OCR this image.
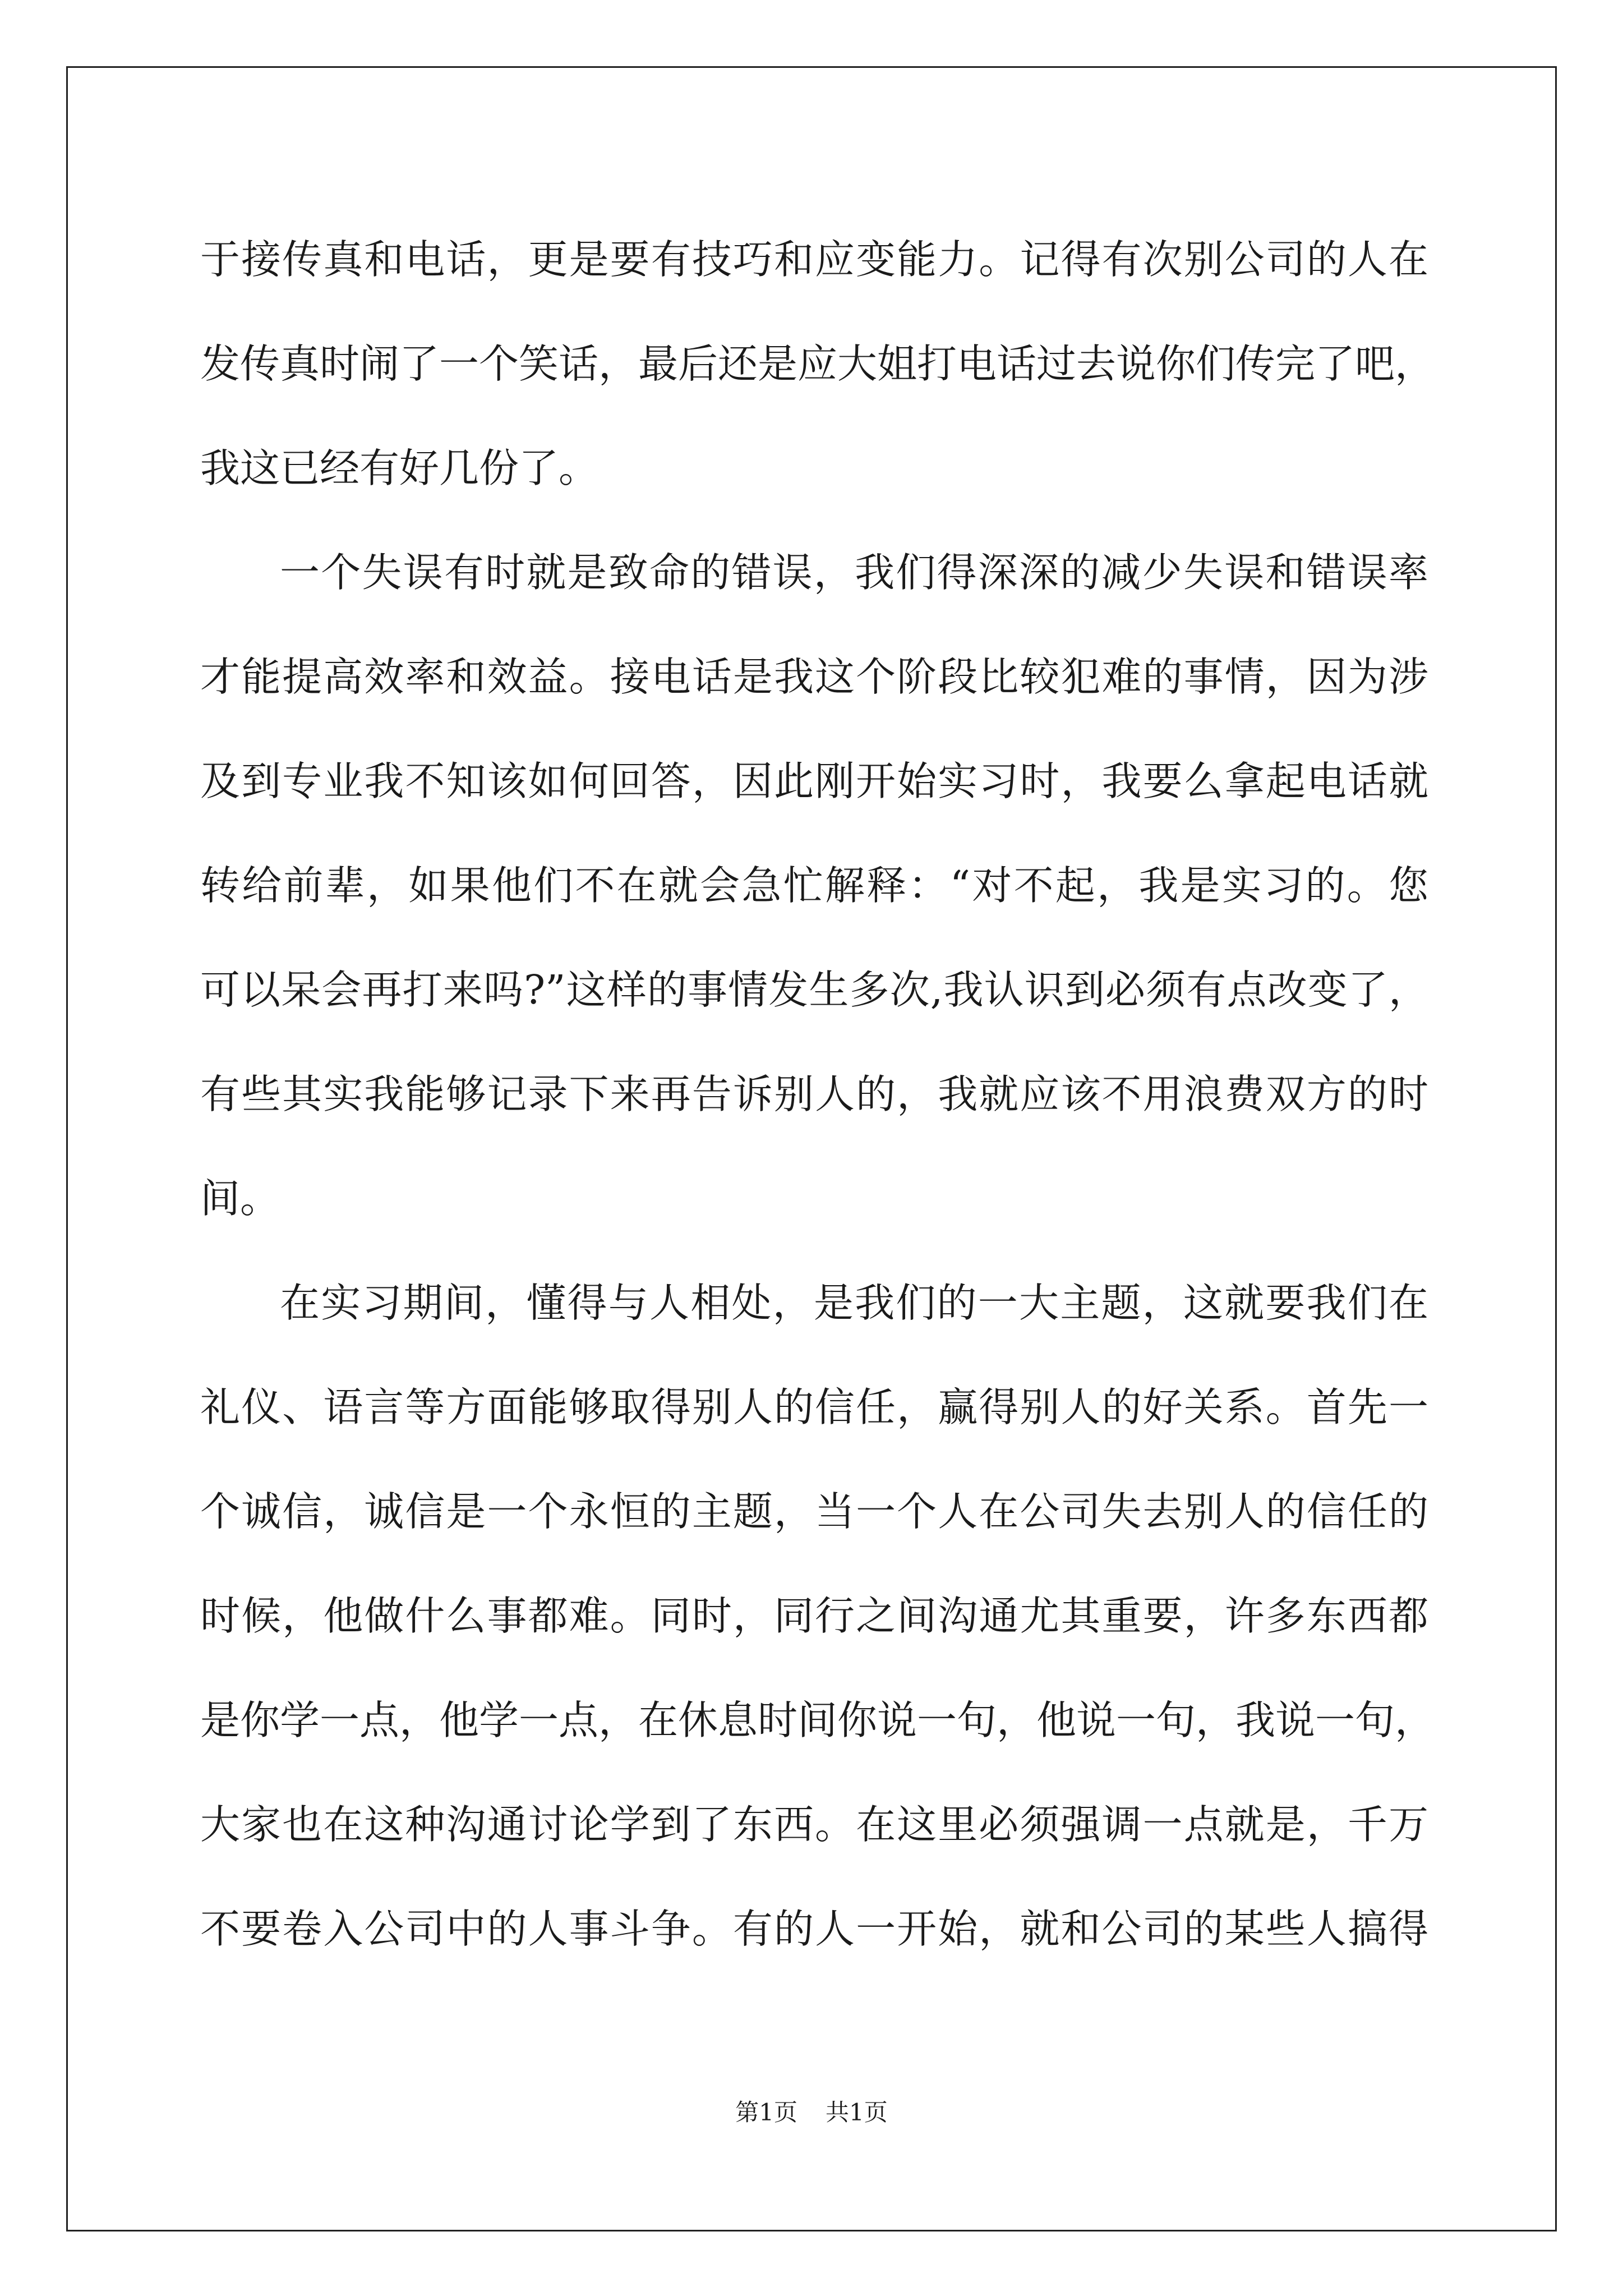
于接传真和电话，更是要有技巧和应变能力。记得有次别公司的人在
发传真时闹了一个笑话，最后还是应大姐打电话过去说你们传完了吧，
我这已经有好几份了。
一个失误有时就是致命的错误，我们得深深的减少失误和错误率
才能提高效率和效益。接电话是我这个阶段比较犯难的事情，因为涉
及到专业我不知该如何回答，因此刚开始实习时，我要么拿起电话就
转给前辈，如果他们不在就会急忙解释：“对不起，我是实习的。您
可以呆会再打来吗?”这样的事情发生多次,我认识到必须有点改变了，
有些其实我能够记录下来再告诉别人的，我就应该不用浪费双方的时
间。
在实习期间，懂得与人相处，是我们的一大主题，这就要我们在
礼仪、语言等方面能够取得别人的信任，赢得别人的好关系。首先一
个诚信，诚信是一个永恒的主题，当一个人在公司失去别人的信任的
时候，他做什么事都难。同时，同行之间沟通尤其重要，许多东西都
是你学一点，他学一点，在休息时间你说一句，他说一句，我说一句，
大家也在这种沟通讨论学到了东西。在这里必须强调一点就是，千万
不要卷入公司中的人事斗争。有的人一开始，就和公司的某些人搞得
第1页 共1页
